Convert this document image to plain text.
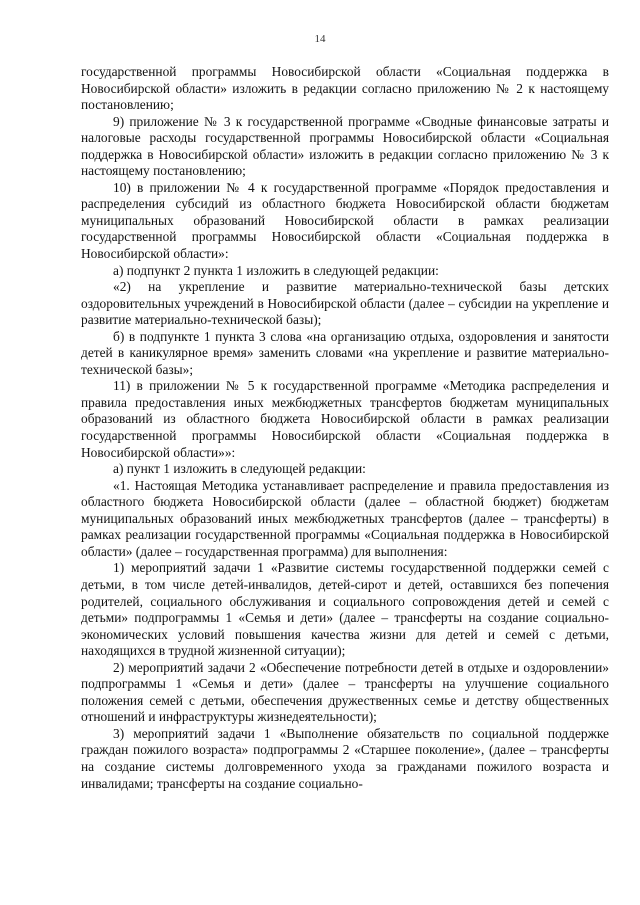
14

государственной программы Новосибирской области «Социальная поддержка в Новосибирской области» изложить в редакции согласно приложению № 2 к настоящему постановлению;

9) приложение № 3 к государственной программе «Сводные финансовые затраты и налоговые расходы государственной программы Новосибирской области «Социальная поддержка в Новосибирской области» изложить в редакции согласно приложению № 3 к настоящему постановлению;

10) в приложении № 4 к государственной программе «Порядок предоставления и распределения субсидий из областного бюджета Новосибирской области бюджетам муниципальных образований Новосибирской области в рамках реализации государственной программы Новосибирской области «Социальная поддержка в Новосибирской области»:

а) подпункт 2 пункта 1 изложить в следующей редакции:

«2) на укрепление и развитие материально-технической базы детских оздоровительных учреждений в Новосибирской области (далее – субсидии на укрепление и развитие материально-технической базы);

б) в подпункте 1 пункта 3 слова «на организацию отдыха, оздоровления и занятости детей в каникулярное время» заменить словами «на укрепление и развитие материально-технической базы»;

11) в приложении № 5 к государственной программе «Методика распределения и правила предоставления иных межбюджетных трансфертов бюджетам муниципальных образований из областного бюджета Новосибирской области в рамках реализации государственной программы Новосибирской области «Социальная поддержка в Новосибирской области»»:

а) пункт 1 изложить в следующей редакции:

«1. Настоящая Методика устанавливает распределение и правила предоставления из областного бюджета Новосибирской области (далее – областной бюджет) бюджетам муниципальных образований иных межбюджетных трансфертов (далее – трансферты) в рамках реализации государственной программы «Социальная поддержка в Новосибирской области» (далее – государственная программа) для выполнения:

1) мероприятий задачи 1 «Развитие системы государственной поддержки семей с детьми, в том числе детей-инвалидов, детей-сирот и детей, оставшихся без попечения родителей, социального обслуживания и социального сопровождения детей и семей с детьми» подпрограммы 1 «Семья и дети» (далее – трансферты на создание социально-экономических условий повышения качества жизни для детей и семей с детьми, находящихся в трудной жизненной ситуации);

2) мероприятий задачи 2 «Обеспечение потребности детей в отдыхе и оздоровлении» подпрограммы 1 «Семья и дети» (далее – трансферты на улучшение социального положения семей с детьми, обеспечения дружественных семье и детству общественных отношений и инфраструктуры жизнедеятельности);

3) мероприятий задачи 1 «Выполнение обязательств по социальной поддержке граждан пожилого возраста» подпрограммы 2 «Старшее поколение», (далее – трансферты на создание системы долговременного ухода за гражданами пожилого возраста и инвалидами; трансферты на создание социально-
